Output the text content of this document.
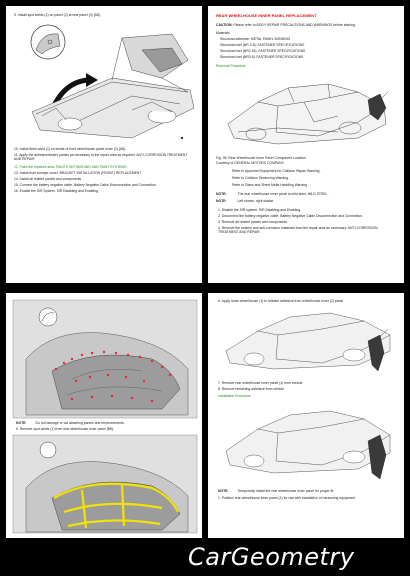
5. Install spot welds (1) on panel (2) at rear panel (3) [A8].
10. Install 8mm weld (1) on inside of front wheelhouse panel inner (2) [A8].
11. Apply the adhesive/sealer panels as necessary to the repair area as required. ANTI-CORROSION TREATMENT AND REPAIR.
12. Paint the repaired area. PAINTS REFINISHING AND PAINT SYSTEMS.
13. Install front bumper cover. BRACKET INSTALLATION (FRONT) REPLACEMENT.
14. Install all related panels and components.
15. Connect the battery negative cable. Battery Negative Cable Disconnection and Connection.
16. Enable the SIR System. SIR Disabling and Enabling.
REAR WHEELHOUSE INNER PANEL REPLACEMENT
CAUTION: Please refer to BODY REPAIR PRECAUTIONS AND WARNINGS before starting.
Materials
Structural adhesive: METAL PANEL BONDING
Structural rivet (BR-3.8): FASTENER SPECIFICATIONS
Structural rivet (BR2-18): FASTENER SPECIFICATIONS
Structural rivet (BR3-8): FASTENER SPECIFICATIONS
Removal Procedure
Fig. 39: Rear Wheelhouse Inner Panel Component Location
Courtesy of GENERAL MOTORS COMPANY
Refer to Approved Equipment for Collision Repair Warning .
Refer to Collision Sectioning Warning .
Refer to Glass and Sheet Metal Handling Warning .
NOTE:	The rear wheelhouse inner panel is mild steel, MILD STEEL .
NOTE:	Left shown, right similar.
1. Disable the SIR system. SIR Disabling and Enabling.
2. Disconnect the battery negative cable. Battery Negative Cable Disconnection and Connection.
3. Remove all related panels and components.
4. Remove the sealers and anti-corrosion materials from the repair area as necessary. ANTI-CORROSION TREATMENT AND REPAIR.
NOTE:	Do not damage or cut attaching panels and reinforcements.
5. Remove spot welds (1) from rear wheelhouse inner panel [B8].
6. Apply loose wheelhouse (1) to release adhesive from wheelhouse inner (2) panel.
7. Remove rear wheelhouse inner panel (1) from vehicle.
8. Remove remaining adhesive from vehicle.
Installation Procedure
NOTE:	Temporarily install the rear wheelhouse inner panel for proper fit.
1. Position rear wheelhouse inner panel (1) for use with installation of measuring equipment.
CarGeometry
